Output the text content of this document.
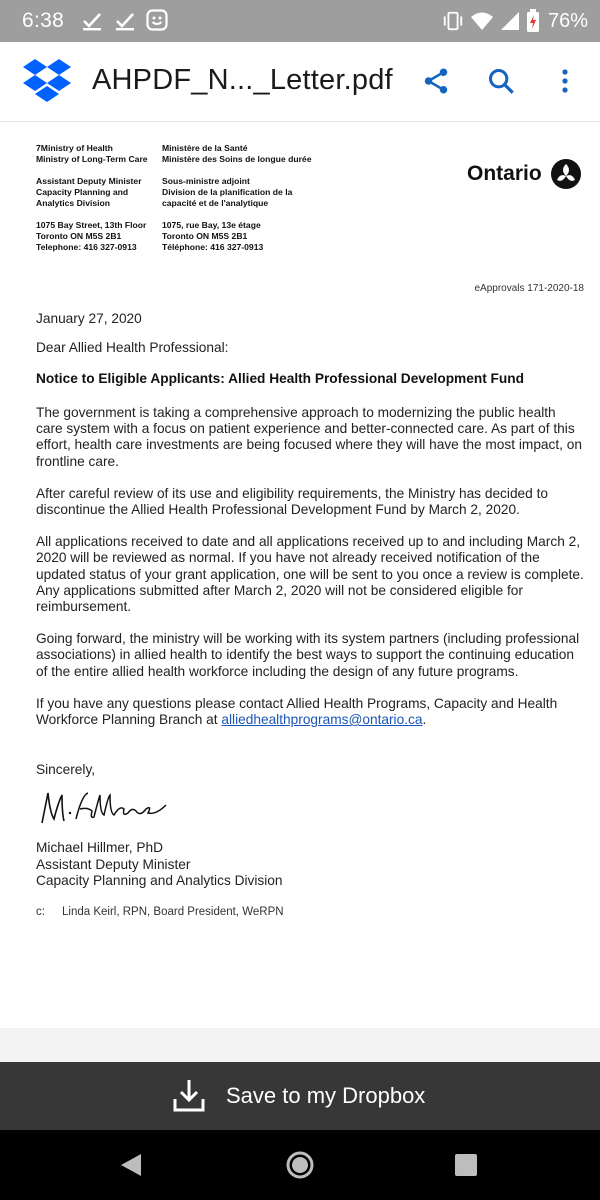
6:38	76%
AHPDF_N..._Letter.pdf
7Ministry of Health
Ministry of Long-Term Care
Assistant Deputy Minister
Capacity Planning and
Analytics Division
1075 Bay Street, 13th Floor
Toronto ON M5S 2B1
Telephone: 416 327-0913
Ministère de la Santé
Ministère des Soins de longue durée
Sous-ministre adjoint
Division de la planification de la
capacité et de l'analytique
1075, rue Bay, 13e étage
Toronto ON M5S 2B1
Téléphone: 416 327-0913
Ontario
eApprovals 171-2020-18
January 27, 2020
Dear Allied Health Professional:
Notice to Eligible Applicants: Allied Health Professional Development Fund

The government is taking a comprehensive approach to modernizing the public health care system with a focus on patient experience and better-connected care. As part of this effort, health care investments are being focused where they will have the most impact, on frontline care.

After careful review of its use and eligibility requirements, the Ministry has decided to discontinue the Allied Health Professional Development Fund by March 2, 2020.

All applications received to date and all applications received up to and including March 2, 2020 will be reviewed as normal. If you have not already received notification of the updated status of your grant application, one will be sent to you once a review is complete. Any applications submitted after March 2, 2020 will not be considered eligible for reimbursement.

Going forward, the ministry will be working with its system partners (including professional associations) in allied health to identify the best ways to support the continuing education of the entire allied health workforce including the design of any future programs.

If you have any questions please contact Allied Health Programs, Capacity and Health Workforce Planning Branch at alliedhealthprograms@ontario.ca.

Sincerely,
Michael Hillmer, PhD
Assistant Deputy Minister
Capacity Planning and Analytics Division
c: Linda Keirl, RPN, Board President, WeRPN
Save to my Dropbox
